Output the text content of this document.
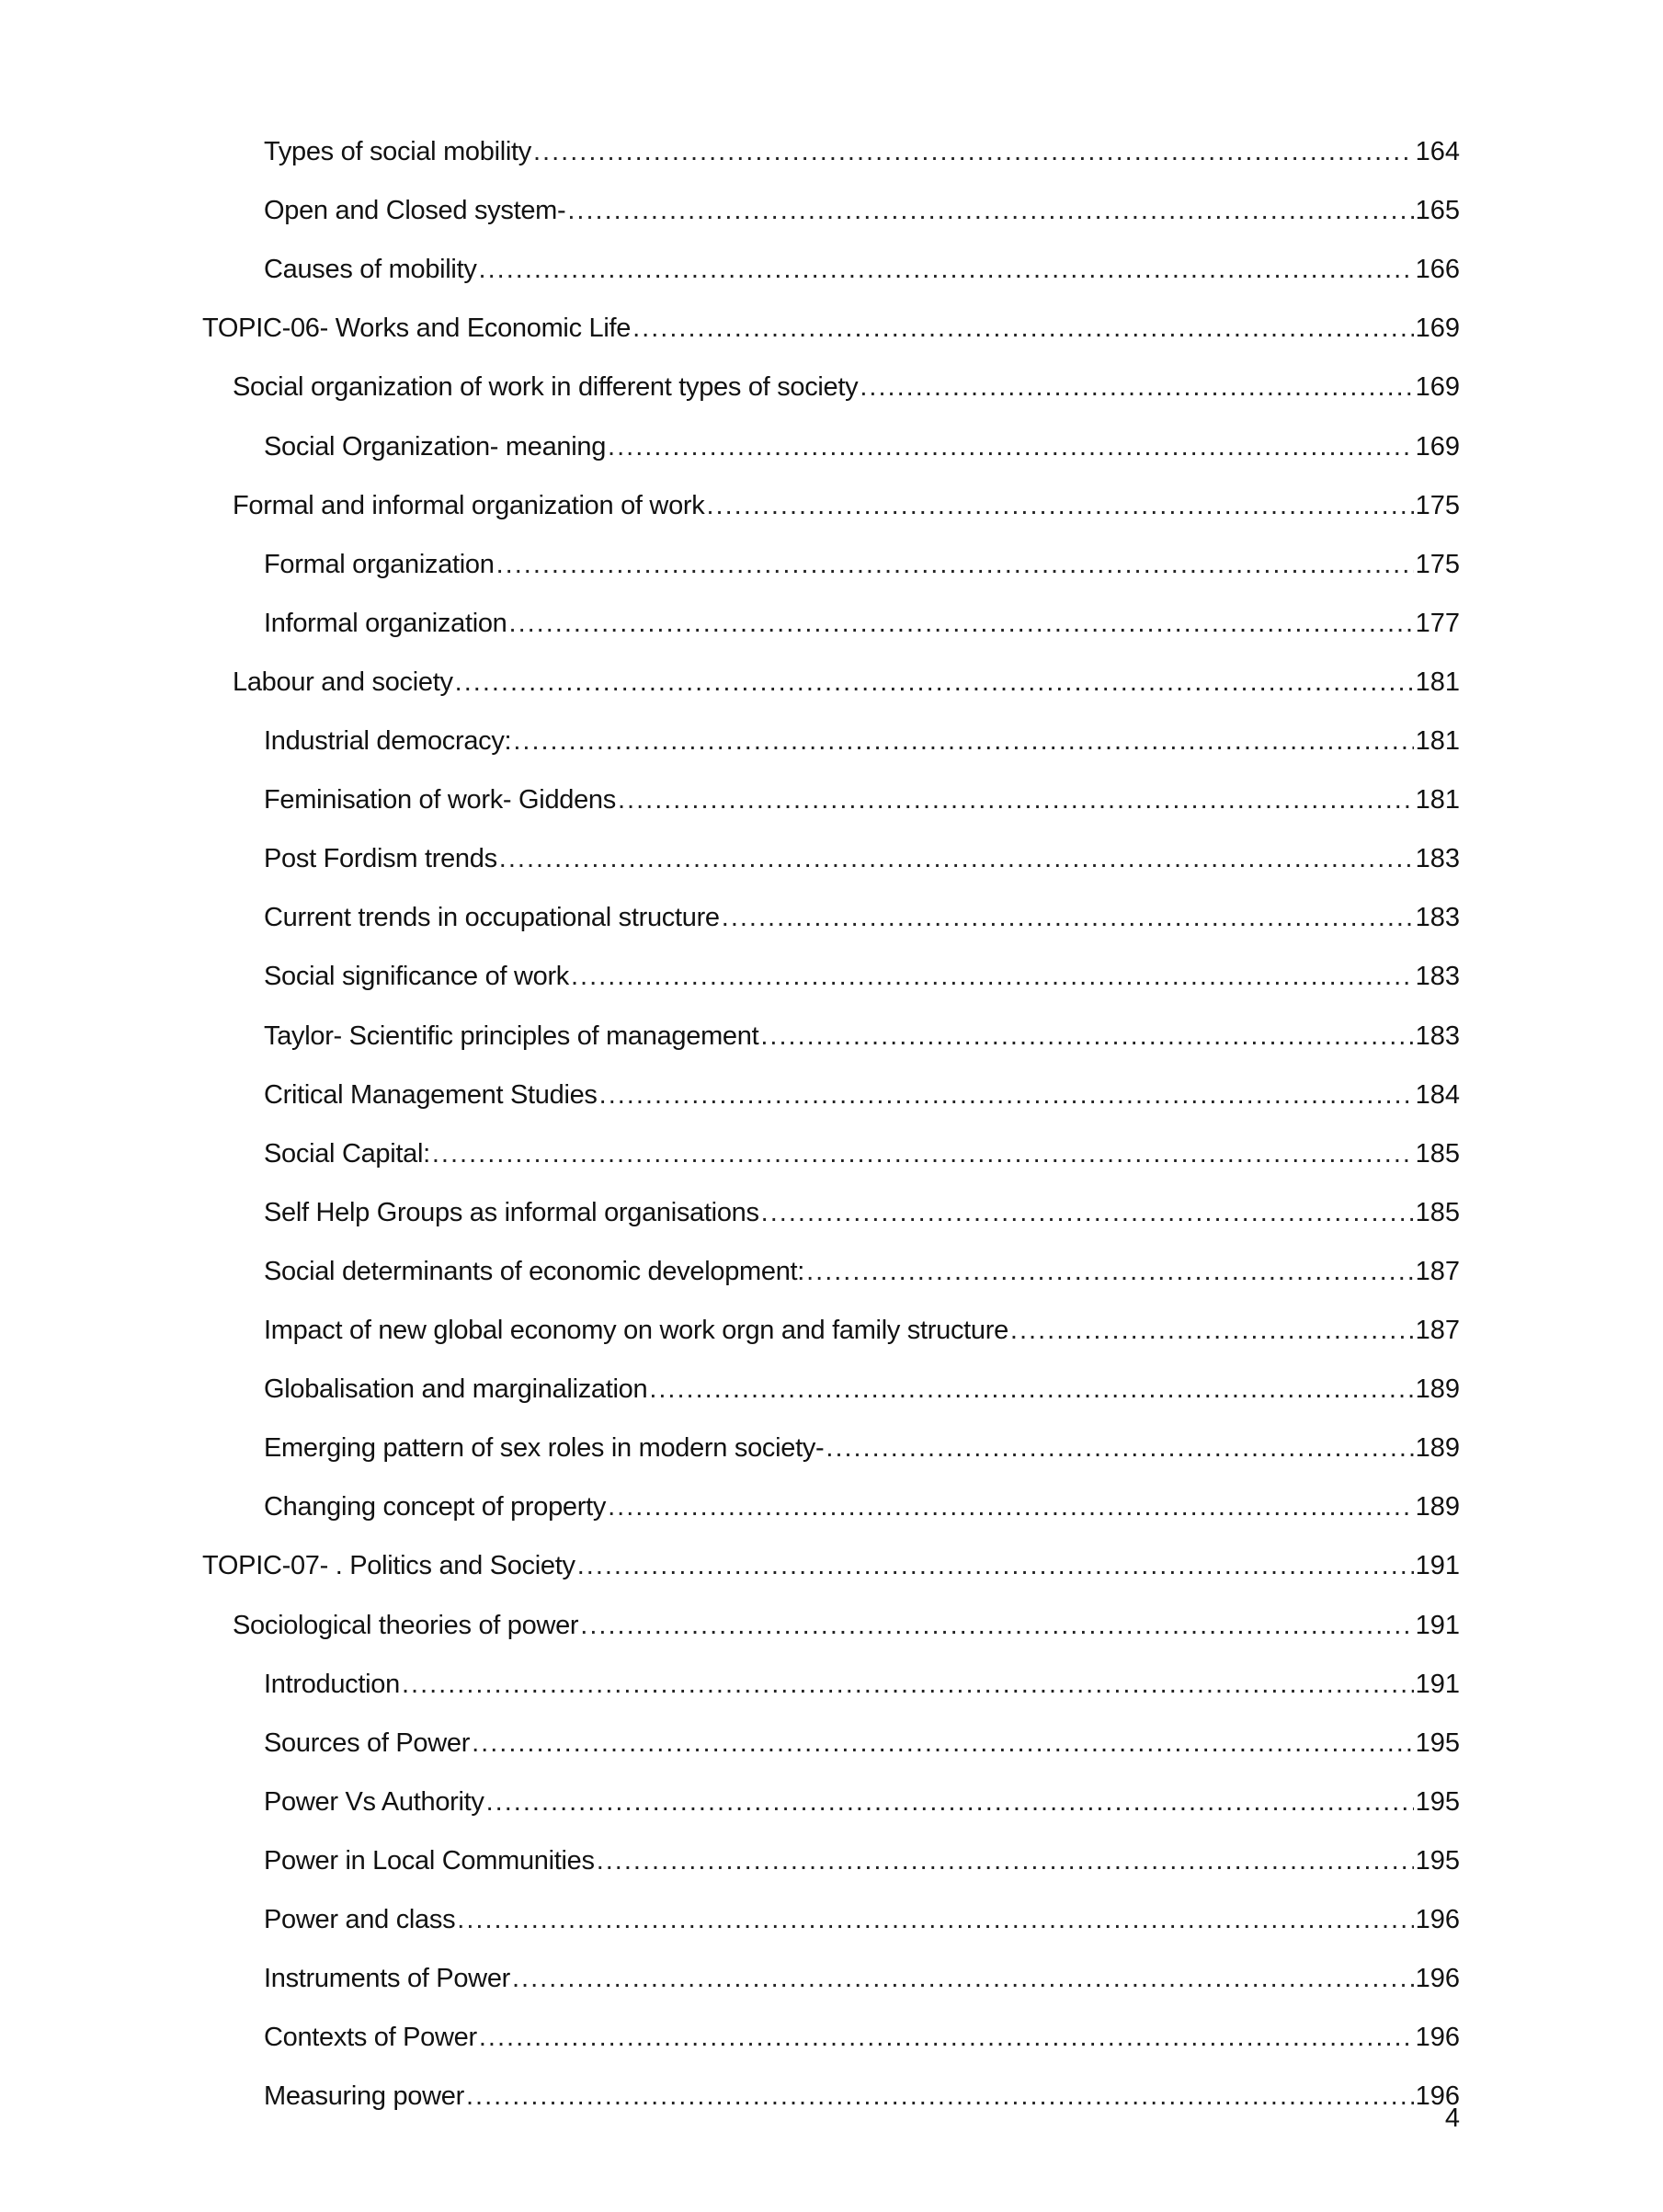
Types of social mobility .....	164
Open and Closed system- .....	165
Causes of mobility .....	166
TOPIC-06- Works and Economic Life .....	169
Social organization of work in different types of society .....	169
Social Organization- meaning .....	169
Formal and informal organization of work .....	175
Formal organization .....	175
Informal organization .....	177
Labour and society .....	181
Industrial democracy: .....	181
Feminisation of work- Giddens .....	181
Post Fordism trends .....	183
Current trends in occupational structure .....	183
Social significance of work .....	183
Taylor- Scientific principles of management .....	183
Critical Management Studies .....	184
Social Capital: .....	185
Self Help Groups as informal organisations .....	185
Social determinants of economic development: .....	187
Impact of new global economy on work orgn and family structure .....	187
Globalisation and marginalization .....	189
Emerging pattern of sex roles in modern society- .....	189
Changing concept of property .....	189
TOPIC-07- . Politics and Society .....	191
Sociological theories of power .....	191
Introduction .....	191
Sources of Power .....	195
Power Vs Authority .....	195
Power in Local Communities .....	195
Power and class .....	196
Instruments of Power .....	196
Contexts of Power .....	196
Measuring power .....	196
4
